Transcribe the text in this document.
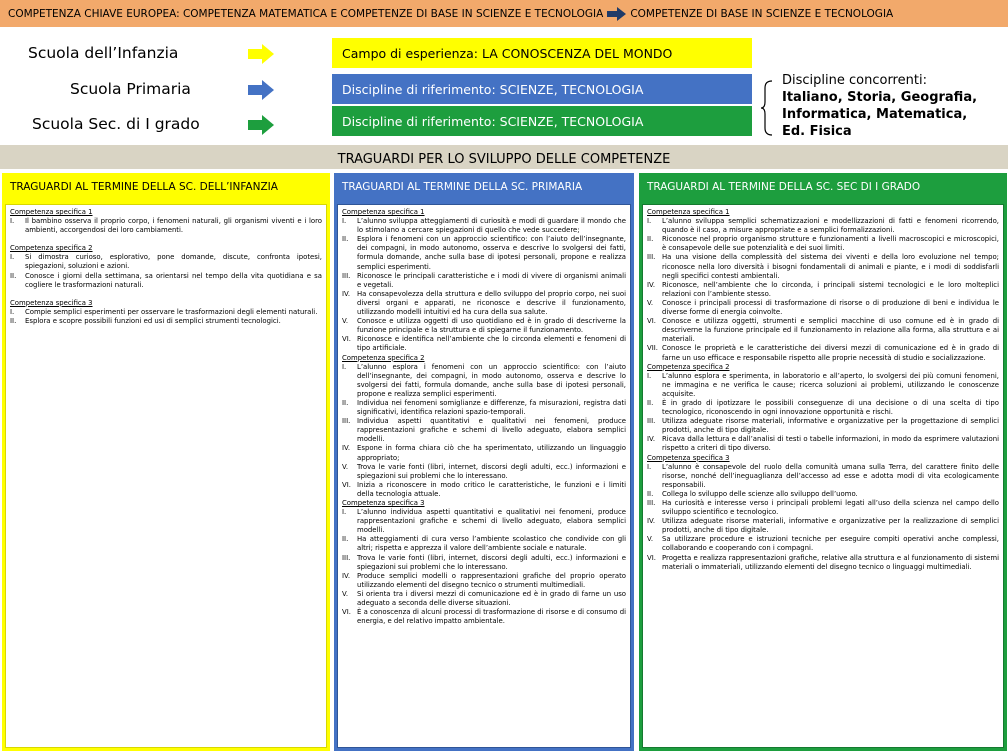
COMPETENZA CHIAVE EUROPEA: COMPETENZA MATEMATICA E COMPETENZE DI BASE IN SCIENZE E TECNOLOGIA	COMPETENZE DI BASE IN SCIENZE E TECNOLOGIA
Scuola dell’Infanzia
Scuola Primaria
Scuola Sec. di I grado
Campo di esperienza: LA CONOSCENZA DEL MONDO
Discipline di riferimento: SCIENZE, TECNOLOGIA
Discipline di riferimento: SCIENZE, TECNOLOGIA
Discipline concorrenti:
Italiano, Storia, Geografia,
Informatica, Matematica,
Ed. Fisica
TRAGUARDI PER LO SVILUPPO DELLE COMPETENZE
TRAGUARDI AL TERMINE DELLA SC. DELL’INFANZIA
Competenza specifica 1
I.	Il bambino osserva il proprio corpo, i fenomeni naturali, gli organismi viventi e i loro ambienti, accorgendosi dei loro cambiamenti.
Competenza specifica 2
I.	Si dimostra curioso, esplorativo, pone domande, discute, confronta ipotesi, spiegazioni, soluzioni e azioni.
II.	Conosce i giorni della settimana, sa orientarsi nel tempo della vita quotidiana e sa cogliere le trasformazioni naturali.
Competenza specifica 3
I.	Compie semplici esperimenti per osservare le trasformazioni degli elementi naturali.
II.	Esplora e scopre possibili funzioni ed usi di semplici strumenti tecnologici.
TRAGUARDI AL TERMINE DELLA SC. PRIMARIA
Competenza specifica 1
I.	L’alunno sviluppa atteggiamenti di curiosità e modi di guardare il mondo che lo stimolano a cercare spiegazioni di quello che vede succedere;
II.	Esplora i fenomeni con un approccio scientifico: con l’aiuto dell’insegnante, dei compagni, in modo autonomo, osserva e descrive lo svolgersi dei fatti, formula domande, anche sulla base di ipotesi personali, propone e realizza semplici esperimenti.
III. Riconosce le principali caratteristiche e i modi di vivere di organismi animali e vegetali.
IV.	Ha consapevolezza della struttura e dello sviluppo del proprio corpo, nei suoi diversi organi e apparati, ne riconosce e descrive il funzionamento, utilizzando modelli intuitivi ed ha cura della sua salute.
V.	Conosce e utilizza oggetti di uso quotidiano ed è in grado di descriverne la funzione principale e la struttura e di spiegarne il funzionamento.
VI. Riconosce e identifica nell’ambiente che lo circonda elementi e fenomeni di tipo artificiale.
Competenza specifica 2
I.	L’alunno esplora i fenomeni con un approccio scientifico: con l’aiuto dell’insegnante, dei compagni, in modo autonomo, osserva e descrive lo svolgersi dei fatti, formula domande, anche sulla base di ipotesi personali, propone e realizza semplici esperimenti.
II.	Individua nei fenomeni somiglianze e differenze, fa misurazioni, registra dati significativi, identifica relazioni spazio-temporali.
III. Individua aspetti quantitativi e qualitativi nei fenomeni, produce rappresentazioni grafiche e schemi di livello adeguato, elabora semplici modelli.
IV.	Espone in forma chiara ciò che ha sperimentato, utilizzando un linguaggio appropriato;
V.	Trova le varie fonti (libri, internet, discorsi degli adulti, ecc.) informazioni e spiegazioni sui problemi che lo interessano.
VI. Inizia a riconoscere in modo critico le caratteristiche, le funzioni e i limiti della tecnologia attuale.
Competenza specifica 3
I.	L’alunno individua aspetti quantitativi e qualitativi nei fenomeni, produce rappresentazioni grafiche e schemi di livello adeguato, elabora semplici modelli.
II.	Ha atteggiamenti di cura verso l’ambiente scolastico che condivide con gli altri; rispetta e apprezza il valore dell’ambiente sociale e naturale.
III. Trova le varie fonti (libri, internet, discorsi degli adulti, ecc.) informazioni e spiegazioni sui problemi che lo interessano.
IV.	Produce semplici modelli o rappresentazioni grafiche del proprio operato utilizzando elementi del disegno tecnico o strumenti multimediali.
V.	Si orienta tra i diversi mezzi di comunicazione ed è in grado di farne un uso adeguato a seconda delle diverse situazioni.
VI. È a conoscenza di alcuni processi di trasformazione di risorse e di consumo di energia, e del relativo impatto ambientale.
TRAGUARDI AL TERMINE DELLA SC. SEC DI I GRADO
Competenza specifica 1
I.	L’alunno sviluppa semplici schematizzazioni e modellizzazioni di fatti e fenomeni ricorrendo, quando è il caso, a misure appropriate e a semplici formalizzazioni.
II.	Riconosce nel proprio organismo strutture e funzionamenti a livelli macroscopici e microscopici, è consapevole delle sue potenzialità e dei suoi limiti.
III. Ha una visione della complessità del sistema dei viventi e della loro evoluzione nel tempo; riconosce nella loro diversità i bisogni fondamentali di animali e piante, e i modi di soddisfarli negli specifici contesti ambientali.
IV.	Riconosce, nell’ambiente che lo circonda, i principali sistemi tecnologici e le loro molteplici relazioni con l’ambiente stesso.
V.	Conosce i principali processi di trasformazione di risorse o di produzione di beni e individua le diverse forme di energia coinvolte.
VI. Conosce e utilizza oggetti, strumenti e semplici macchine di uso comune ed è in grado di descriverne la funzione principale ed il funzionamento in relazione alla forma, alla struttura e ai materiali.
VII. Conosce le proprietà e le caratteristiche dei diversi mezzi di comunicazione ed è in grado di farne un uso efficace e responsabile rispetto alle proprie necessità di studio e socializzazione.
Competenza specifica 2
I.	L’alunno esplora e sperimenta, in laboratorio e all’aperto, lo svolgersi dei più comuni fenomeni, ne immagina e ne verifica le cause; ricerca soluzioni ai problemi, utilizzando le conoscenze acquisite.
II.	È in grado di ipotizzare le possibili conseguenze di una decisione o di una scelta di tipo tecnologico, riconoscendo in ogni innovazione opportunità e rischi.
III. Utilizza adeguate risorse materiali, informative e organizzative per la progettazione di semplici prodotti, anche di tipo digitale.
IV.	Ricava dalla lettura e dall’analisi di testi o tabelle informazioni, in modo da esprimere valutazioni rispetto a criteri di tipo diverso.
Competenza specifica 3
I.	L’alunno è consapevole del ruolo della comunità umana sulla Terra, del carattere finito delle risorse, nonché dell’ineguaglianza dell’accesso ad esse e adotta modi di vita ecologicamente responsabili.
II.	Collega lo sviluppo delle scienze allo sviluppo dell’uomo.
III. Ha curiosità e interesse verso i principali problemi legati all’uso della scienza nel campo dello sviluppo scientifico e tecnologico.
IV.	Utilizza adeguate risorse materiali, informative e organizzative per la realizzazione di semplici prodotti, anche di tipo digitale.
V.	Sa utilizzare procedure e istruzioni tecniche per eseguire compiti operativi anche complessi, collaborando e cooperando con i compagni.
VI. Progetta e realizza rappresentazioni grafiche, relative alla struttura e al funzionamento di sistemi materiali o immateriali, utilizzando elementi del disegno tecnico o linguaggi multimediali.
